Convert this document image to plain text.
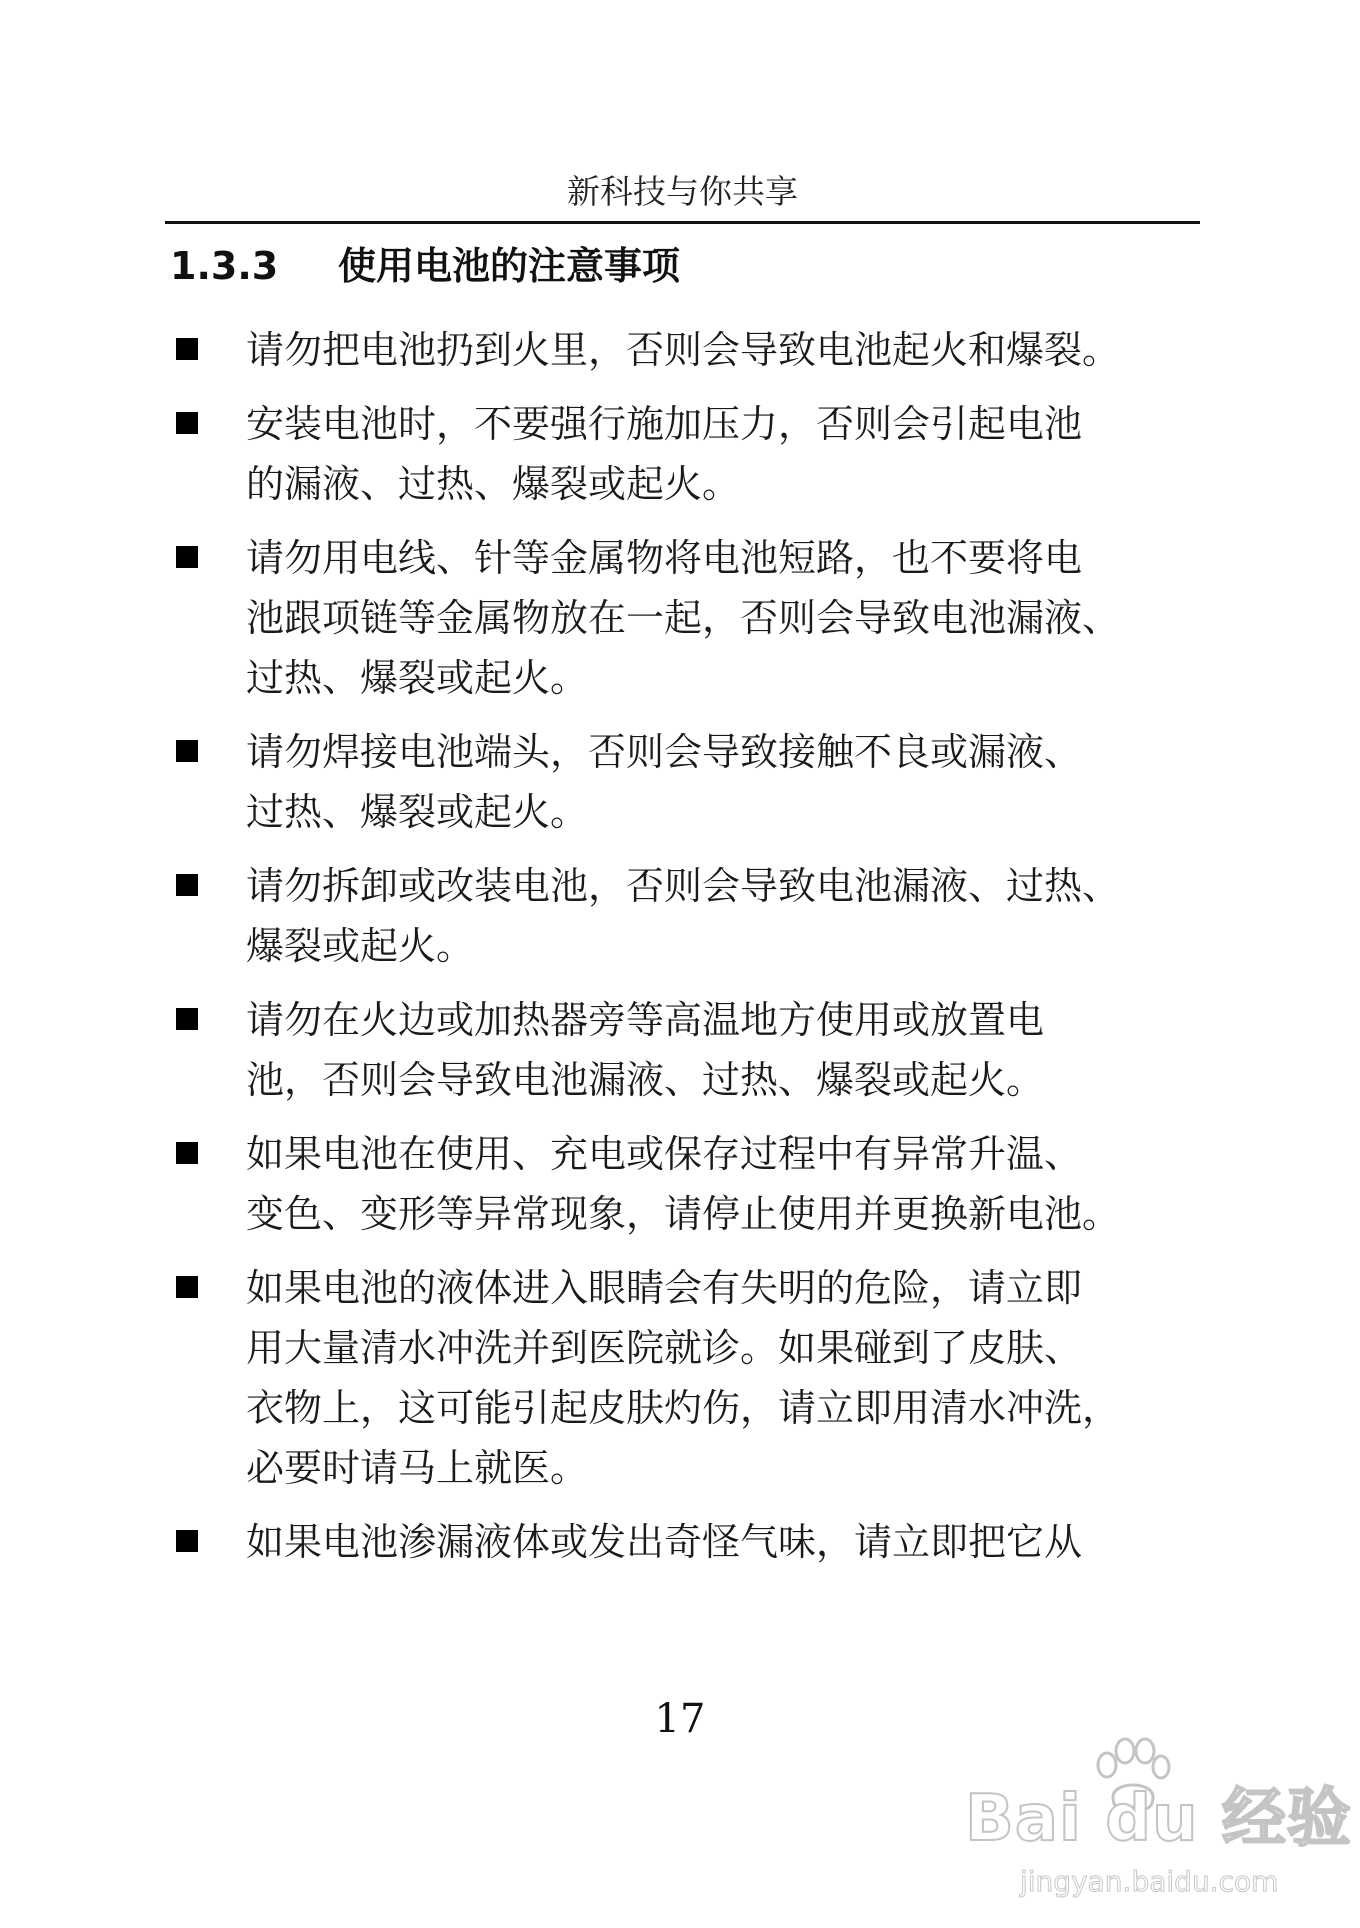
新科技与你共享
1.3.3 使用电池的注意事项
请勿把电池扔到火里，否则会导致电池起火和爆裂。
安装电池时，不要强行施加压力，否则会引起电池
的漏液、过热、爆裂或起火。
请勿用电线、针等金属物将电池短路，也不要将电
池跟项链等金属物放在一起，否则会导致电池漏液、
过热、爆裂或起火。
请勿焊接电池端头，否则会导致接触不良或漏液、
过热、爆裂或起火。
请勿拆卸或改装电池，否则会导致电池漏液、过热、
爆裂或起火。
请勿在火边或加热器旁等高温地方使用或放置电
池，否则会导致电池漏液、过热、爆裂或起火。
如果电池在使用、充电或保存过程中有异常升温、
变色、变形等异常现象，请停止使用并更换新电池。
如果电池的液体进入眼睛会有失明的危险，请立即
用大量清水冲洗并到医院就诊。如果碰到了皮肤、
衣物上，这可能引起皮肤灼伤，请立即用清水冲洗，
必要时请马上就医。
如果电池渗漏液体或发出奇怪气味，请立即把它从
17
Bai du 经验
jingyan.baidu.com
